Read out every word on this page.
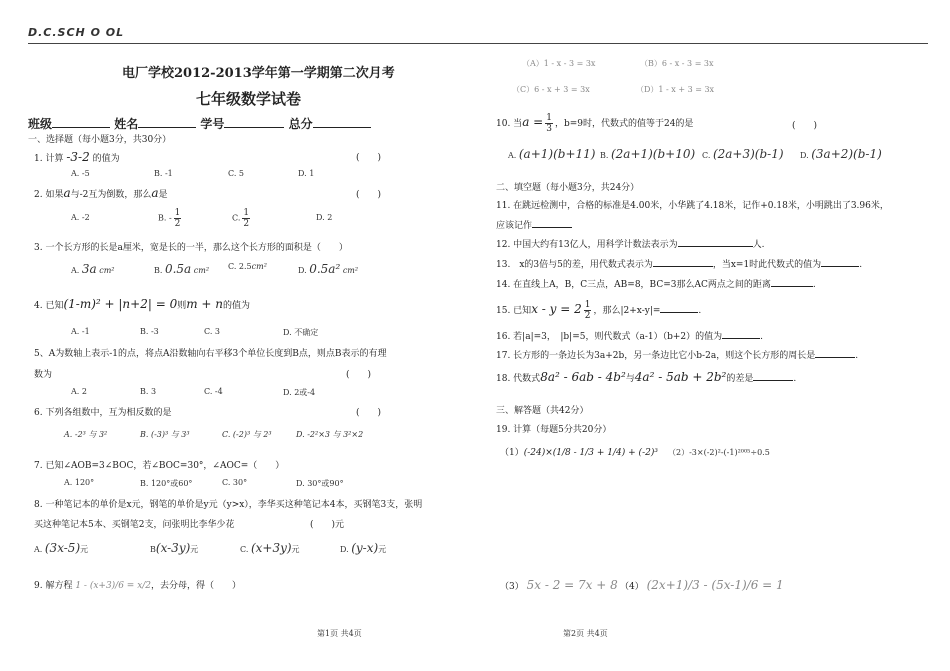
D.C.SCH O OL
电厂学校2012-2013学年第一学期第二次月考
七年级数学试卷
班级	姓名	学号	总分
一、选择题（每小题3分，共30分）
1. 计算 -3-2 的值为	(　　)
A. -5	B. -1	C. 5	D. 1
2. 如果a与-2互为倒数，那么a是	(　　)
A. -2	B. - $\frac{1}{2}$	C. $\frac{1}{2}$	D. 2
3. 一个长方形的长是a厘米，宽是长的一半，那么这个长方形的面积是（　　）
A. 3a cm²	B. 0.5a cm² C. 2.5cm²	D. 0.5a² cm²
4. 已知(1-m)² + |n+2| = 0则m + n的值为
A. -1	B. -3	C. 3	D. 不确定
5、A为数轴上表示-1的点，将点A沿数轴向右平移3个单位长度到B点，则点B表示的有理
数为	(　　)
A. 2	B. 3	C. -4	D. 2或-4
6. 下列各组数中，互为相反数的是	(　　)
A. -2³ 与 3²	B. (-3)³ 与 3³	C. (-2)³ 与 2³	D. -2²×3 与 3²×2
7. 已知∠AOB=3∠BOC，若∠BOC=30°，∠AOC=（　　）
A. 120°	B. 120°或60°	C. 30°	D. 30°或90°
8. 一种笔记本的单价是x元，钢笔的单价是y元（y>x），李华买这种笔记本4本，买钢笔3支，张明
买这种笔记本5本、买钢笔2支，问张明比李华少花	(　　)元
A. (3x-5)元	B(x-3y)元	C. (x+3y)元	D. (y-x)元
9. 解方程 1 - (x+3)/6 = x/2，去分母，得（　　）
第1页 共4页
（A）1 - x - 3 = 3x	（B）6 - x - 3 = 3x
（C）6 - x + 3 = 3x	（D）1 - x + 3 = 3x
10. 当$a = \frac{1}{3}$ ，b=9时，代数式的值等于24的是	(　　)
A. (a+1)(b+11) B. (2a+1)(b+10) C. (2a+3)(b-1) D. (3a+2)(b-1)
二、填空题（每小题3分，共24分）
11. 在跳远检测中，合格的标准是4.00米，小华跳了4.18米，记作+0.18米，小明跳出了3.96米，
应该记作
12. 中国大约有13亿人，用科学计数法表示为	人.
13.　x的3倍与5的差，用代数式表示为	，当x=1时此代数式的值为	.
14. 在直线上A，B，C三点，AB=8，BC=3那么AC两点之间的距离	.
15. 已知$x - y = 2 \frac{1}{2}$ ，那么|2+x-y|=	.
16. 若|a|=3，　|b|=5，则代数式（a-1）（b+2）的值为	.
17. 长方形的一条边长为3a+2b，另一条边比它小b-2a，则这个长方形的周长是	.
18. 代数式8a² - 6ab - 4b²与4a² - 5ab + 2b²的差是	.
三、解答题（共42分）
19. 计算（每题5分共20分）
（1）(-24)×(1/8 - 1/3 + 1/4) + (-2)³ （2）-3×(-2)²-(-1)²⁰⁰⁵÷0.5
（3） 5x - 2 = 7x + 8 （4） (2x+1)/3 - (5x-1)/6 = 1
第2页 共4页
